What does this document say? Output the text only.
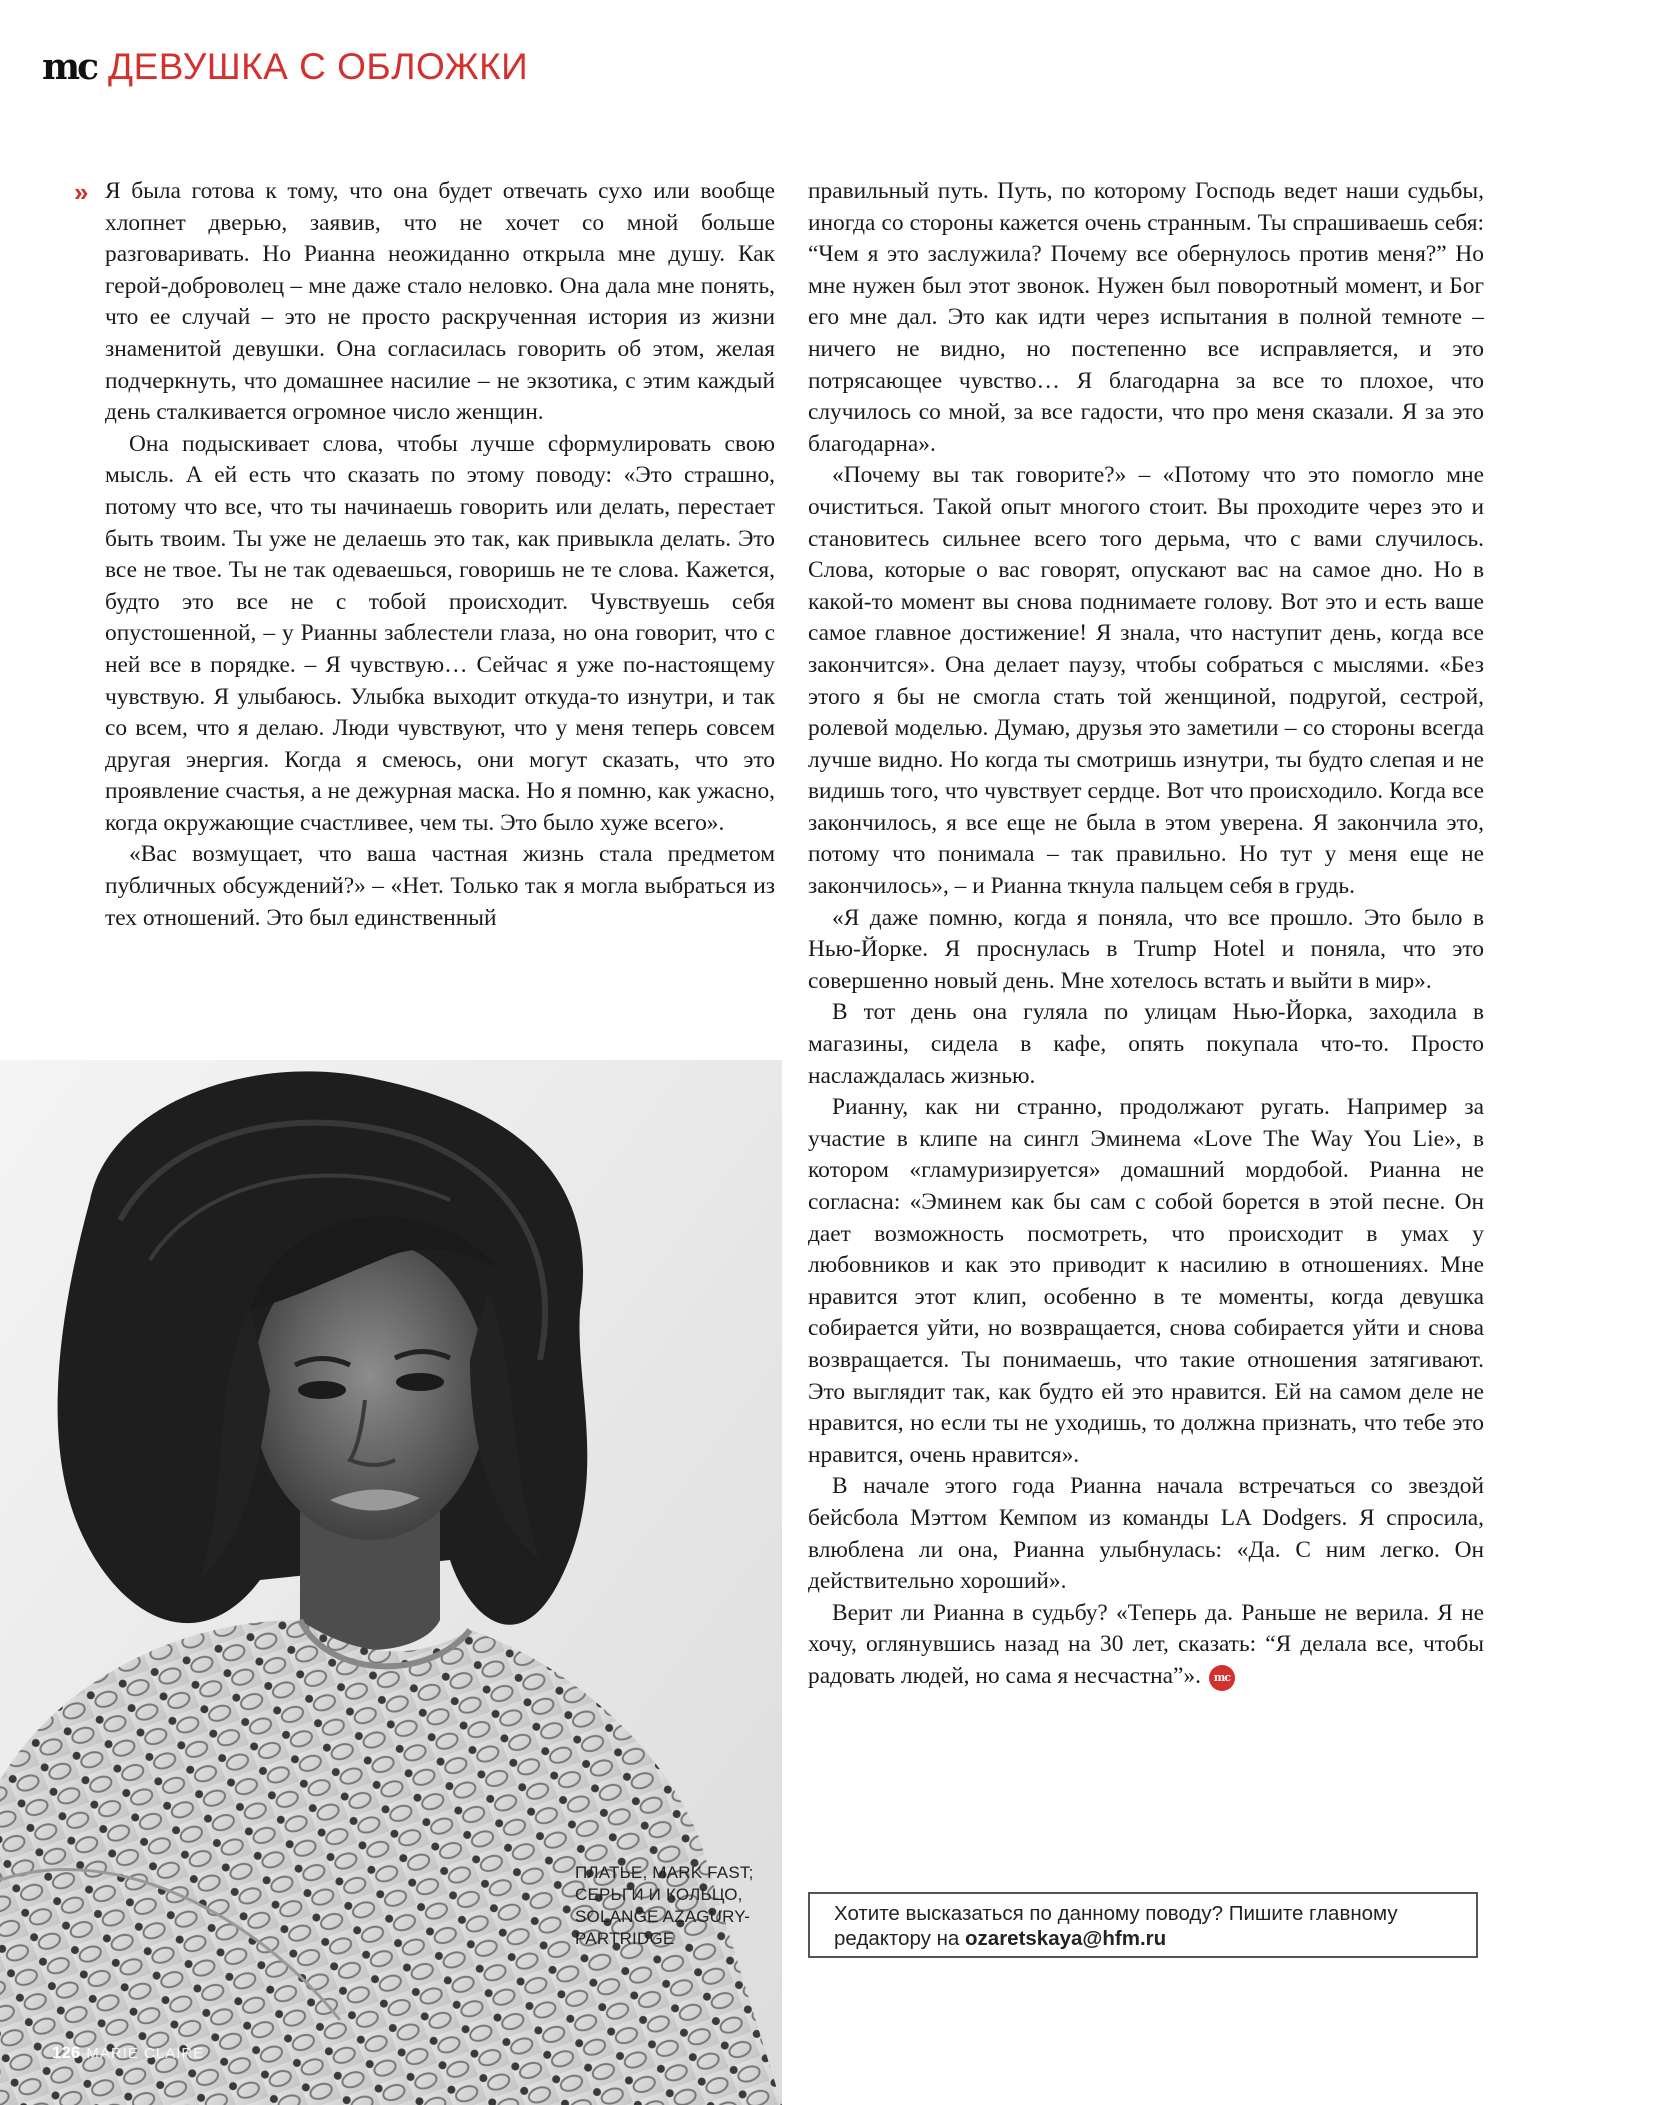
mc ДЕВУШКА С ОБЛОЖКИ
» Я была готова к тому, что она будет отвечать сухо или вообще хлопнет дверью, заявив, что не хочет со мной больше разговаривать. Но Рианна неожиданно открыла мне душу. Как герой-доброволец – мне даже стало неловко. Она дала мне понять, что ее случай – это не просто раскрученная история из жизни знаменитой девушки. Она согласилась говорить об этом, желая подчеркнуть, что домашнее насилие – не экзотика, с этим каждый день сталкивается огромное число женщин.

Она подыскивает слова, чтобы лучше сформулировать свою мысль. А ей есть что сказать по этому поводу: «Это страшно, потому что все, что ты начинаешь говорить или делать, перестает быть твоим. Ты уже не делаешь это так, как привыкла делать. Это все не твое. Ты не так одеваешься, говоришь не те слова. Кажется, будто это все не с тобой происходит. Чувствуешь себя опустошенной, – у Рианны заблестели глаза, но она говорит, что с ней все в порядке. – Я чувствую… Сейчас я уже по-настоящему чувствую. Я улыбаюсь. Улыбка выходит откуда-то изнутри, и так со всем, что я делаю. Люди чувствуют, что у меня теперь совсем другая энергия. Когда я смеюсь, они могут сказать, что это проявление счастья, а не дежурная маска. Но я помню, как ужасно, когда окружающие счастливее, чем ты. Это было хуже всего».

«Вас возмущает, что ваша частная жизнь стала предметом публичных обсуждений?» – «Нет. Только так я могла выбраться из тех отношений. Это был единственный

правильный путь. Путь, по которому Господь ведет наши судьбы, иногда со стороны кажется очень странным. Ты спрашиваешь себя: “Чем я это заслужила? Почему все обернулось против меня?” Но мне нужен был этот звонок. Нужен был поворотный момент, и Бог его мне дал. Это как идти через испытания в полной темноте – ничего не видно, но постепенно все исправляется, и это потрясающее чувство… Я благодарна за все то плохое, что случилось со мной, за все гадости, что про меня сказали. Я за это благодарна».

«Почему вы так говорите?» – «Потому что это помогло мне очиститься. Такой опыт многого стоит. Вы проходите через это и становитесь сильнее всего того дерьма, что с вами случилось. Слова, которые о вас говорят, опускают вас на самое дно. Но в какой-то момент вы снова поднимаете голову. Вот это и есть ваше самое главное достижение! Я знала, что наступит день, когда все закончится». Она делает паузу, чтобы собраться с мыслями. «Без этого я бы не смогла стать той женщиной, подругой, сестрой, ролевой моделью. Думаю, друзья это заметили – со стороны всегда лучше видно. Но когда ты смотришь изнутри, ты будто слепая и не видишь того, что чувствует сердце. Вот что происходило. Когда все закончилось, я все еще не была в этом уверена. Я закончила это, потому что понимала – так правильно. Но тут у меня еще не закончилось», – и Рианна ткнула пальцем себя в грудь.

«Я даже помню, когда я поняла, что все прошло. Это было в Нью-Йорке. Я проснулась в Trump Hotel и поняла, что это совершенно новый день. Мне хотелось встать и выйти в мир».

В тот день она гуляла по улицам Нью-Йорка, заходила в магазины, сидела в кафе, опять покупала что-то. Просто наслаждалась жизнью.

Рианну, как ни странно, продолжают ругать. Например за участие в клипе на сингл Эминема «Love The Way You Lie», в котором «гламуризируется» домашний мордобой. Рианна не согласна: «Эминем как бы сам с собой борется в этой песне. Он дает возможность посмотреть, что происходит в умах у любовников и как это приводит к насилию в отношениях. Мне нравится этот клип, особенно в те моменты, когда девушка собирается уйти, но возвращается, снова собирается уйти и снова возвращается. Ты понимаешь, что такие отношения затягивают. Это выглядит так, как будто ей это нравится. Ей на самом деле не нравится, но если ты не уходишь, то должна признать, что тебе это нравится, очень нравится».

В начале этого года Рианна начала встречаться со звездой бейсбола Мэттом Кемпом из команды LA Dodgers. Я спросила, влюблена ли она, Рианна улыбнулась: «Да. С ним легко. Он действительно хороший».

Верит ли Рианна в судьбу? «Теперь да. Раньше не верила. Я не хочу, оглянувшись назад на 30 лет, сказать: “Я делала все, чтобы радовать людей, но сама я несчастна”». mc

ПЛАТЬЕ, MARK FAST;
СЕРЬГИ И КОЛЬЦО,
SOLANGE AZAGURY-
PARTRIDGE
126 MARIE CLAIRE
Хотите высказаться по данному поводу? Пишите главному
редактору на ozaretskaya@hfm.ru
